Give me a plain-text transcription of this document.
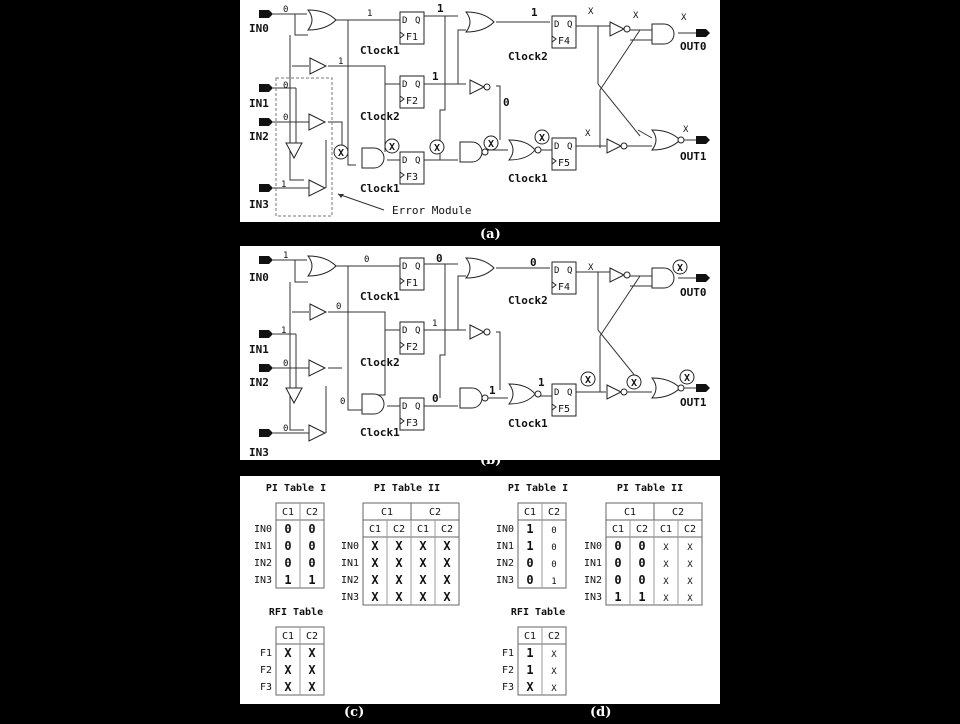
D Q
F1
D Q
F2
D Q
F3
D Q
F4
D Q
F5
X
X	X	X
X
IN0
IN1
IN2
IN3
OUT0
OUT1
Clock1
Clock2
Clock1
Clock2
Clock1
Error Module
0
0
0
1
1
1
X	X	X
X	X
1	1
1
0
(a)
D Q
F1
D Q
F2
D Q
F3
D Q
F4
D Q
F5
X
X	X	X
IN0
IN1
IN2
IN3
OUT0
OUT1
Clock1
Clock2
Clock1
Clock2
Clock1
1
1
0
0
0
0
1
0
X
0	0
0
1
1
(b)
PI Table I
C1 C2
IN0 0 0
IN1 0 0
IN2 0 0
IN3 1 1
PI Table II
C1	C2
C1 C2 C1 C2
IN0 X X X X
IN1 X X X X
IN2 X X X X
IN3 X X X X
RFI Table
C1 C2
F1 X X
F2 X X
F3 X X
PI Table I
C1 C2
IN0 1 0
IN1 1 0
IN2 0 0
IN3 0 1
PI Table II
C1	C2
C1 C2 C1 C2
IN0 0 0 X X
IN1 0 0 X X
IN2 0 0 X X
IN3 1 1 X X
RFI Table
C1 C2
F1 1 X
F2 1 X
F3 X X
(c)	(d)
